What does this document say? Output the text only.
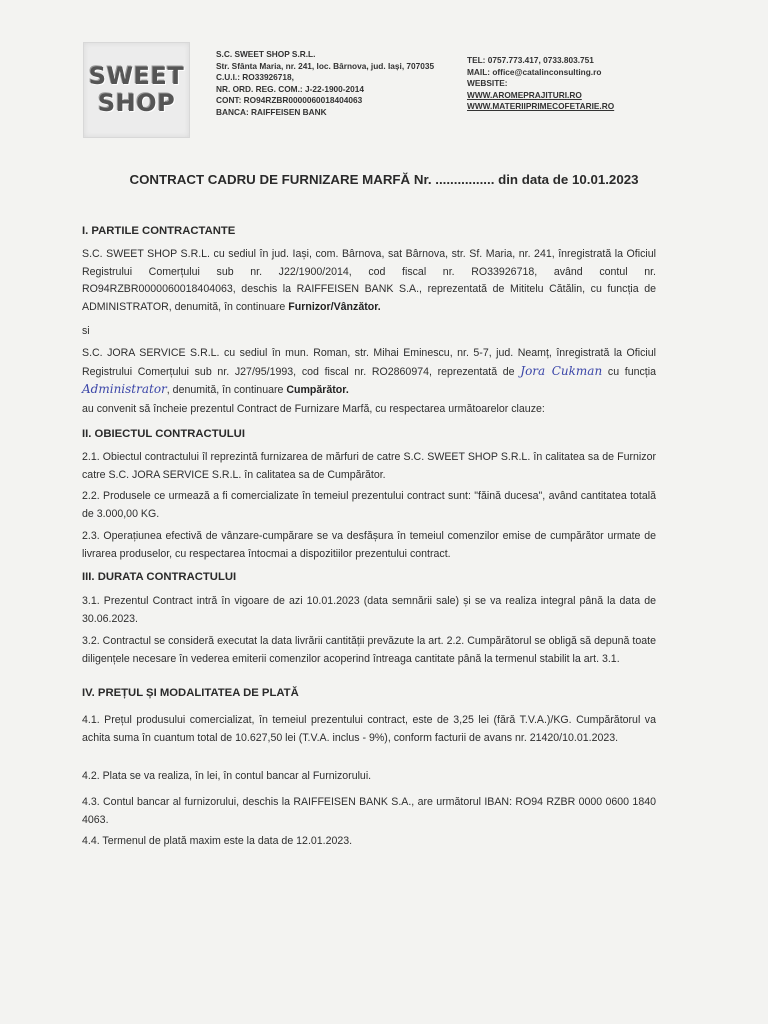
SWEET
SHOP
S.C. SWEET SHOP S.R.L.
Str. Sfânta Maria, nr. 241, loc. Bârnova, jud. Iași, 707035
C.U.I.: RO33926718,
NR. ORD. REG. COM.: J-22-1900-2014
CONT: RO94RZBR0000060018404063
BANCA: RAIFFEISEN BANK
TEL: 0757.773.417, 0733.803.751
MAIL: office@catalinconsulting.ro
WEBSITE:
WWW.AROMEPRAJITURI.RO
WWW.MATERIIPRIMECOFETARIE.RO
CONTRACT CADRU DE FURNIZARE MARFĂ Nr. ................ din data de 10.01.2023
I. PARTILE CONTRACTANTE
S.C. SWEET SHOP S.R.L. cu sediul în jud. Iași, com. Bârnova, sat Bârnova, str. Sf. Maria, nr. 241, înregistrată la Oficiul Registrului Comerțului sub nr. J22/1900/2014, cod fiscal nr. RO33926718, având contul nr. RO94RZBR0000060018404063, deschis la RAIFFEISEN BANK S.A., reprezentată de Mititelu Cătălin, cu funcția de ADMINISTRATOR, denumită, în continuare Furnizor/Vânzător.
si
S.C. JORA SERVICE S.R.L. cu sediul în mun. Roman, str. Mihai Eminescu, nr. 5-7, jud. Neamț, înregistrată la Oficiul Registrului Comerțului sub nr. J27/95/1993, cod fiscal nr. RO2860974, reprezentată de Jora Cukman cu funcția Administrator, denumită, în continuare Cumpărător.
au convenit să încheie prezentul Contract de Furnizare Marfă, cu respectarea următoarelor clauze:
II. OBIECTUL CONTRACTULUI
2.1. Obiectul contractului îl reprezintă furnizarea de mărfuri de catre S.C. SWEET SHOP S.R.L. în calitatea sa de Furnizor catre S.C. JORA SERVICE S.R.L. în calitatea sa de Cumpărător.
2.2. Produsele ce urmează a fi comercializate în temeiul prezentului contract sunt: "făină ducesa", având cantitatea totală de 3.000,00 KG.
2.3. Operațiunea efectivă de vânzare-cumpărare se va desfășura în temeiul comenzilor emise de cumpărător urmate de livrarea produselor, cu respectarea întocmai a dispozitiilor prezentului contract.
III. DURATA CONTRACTULUI
3.1. Prezentul Contract intră în vigoare de azi 10.01.2023 (data semnării sale) și se va realiza integral până la data de 30.06.2023.
3.2. Contractul se consideră executat la data livrării cantității prevăzute la art. 2.2. Cumpărătorul se obligă să depună toate diligențele necesare în vederea emiterii comenzilor acoperind întreaga cantitate până la termenul stabilit la art. 3.1.
IV. PREȚUL ȘI MODALITATEA DE PLATĂ
4.1. Prețul produsului comercializat, în temeiul prezentului contract, este de 3,25 lei (fără T.V.A.)/KG. Cumpărătorul va achita suma în cuantum total de 10.627,50 lei (T.V.A. inclus - 9%), conform facturii de avans nr. 21420/10.01.2023.
4.2. Plata se va realiza, în lei, în contul bancar al Furnizorului.
4.3. Contul bancar al furnizorului, deschis la RAIFFEISEN BANK S.A., are următorul IBAN: RO94 RZBR 0000 0600 1840 4063.
4.4. Termenul de plată maxim este la data de 12.01.2023.
